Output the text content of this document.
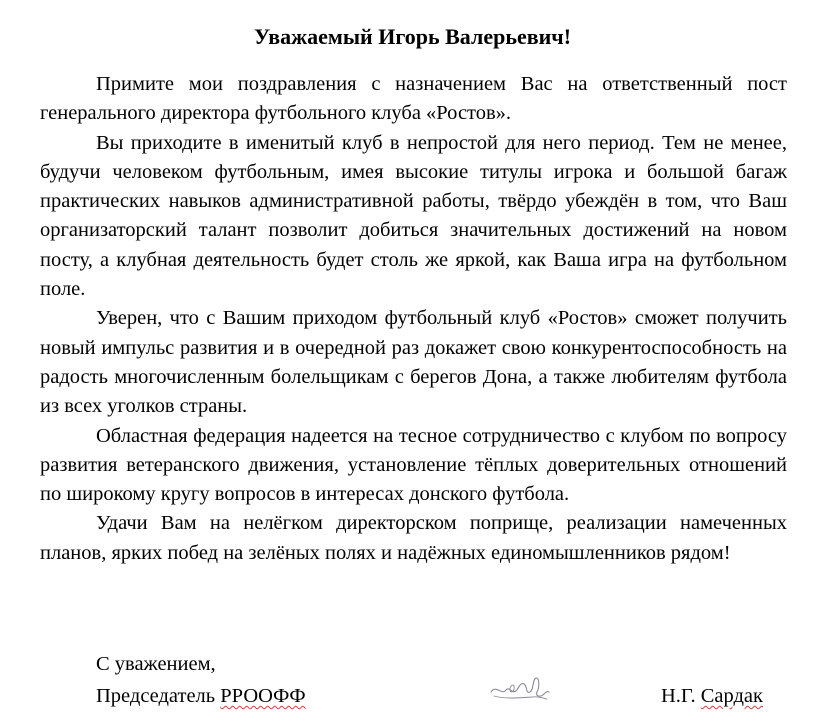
Уважаемый Игорь Валерьевич!

Примите мои поздравления с назначением Вас на ответственный пост генерального директора футбольного клуба «Ростов».

Вы приходите в именитый клуб в непростой для него период. Тем не менее, будучи человеком футбольным, имея высокие титулы игрока и большой багаж практических навыков административной работы, твёрдо убеждён в том, что Ваш организаторский талант позволит добиться значительных достижений на новом посту, а клубная деятельность будет столь же яркой, как Ваша игра на футбольном поле.

Уверен, что с Вашим приходом футбольный клуб «Ростов» сможет получить новый импульс развития и в очередной раз докажет свою конкурентоспособность на радость многочисленным болельщикам с берегов Дона, а также любителям футбола из всех уголков страны.

Областная федерация надеется на тесное сотрудничество с клубом по вопросу развития ветеранского движения, установление тёплых доверительных отношений по широкому кругу вопросов в интересах донского футбола.

Удачи Вам на нелёгком директорском поприще, реализации намеченных планов, ярких побед на зелёных полях и надёжных единомышленников рядом!

С уважением,
Председатель РРООФФ	Н.Г. Сардак
